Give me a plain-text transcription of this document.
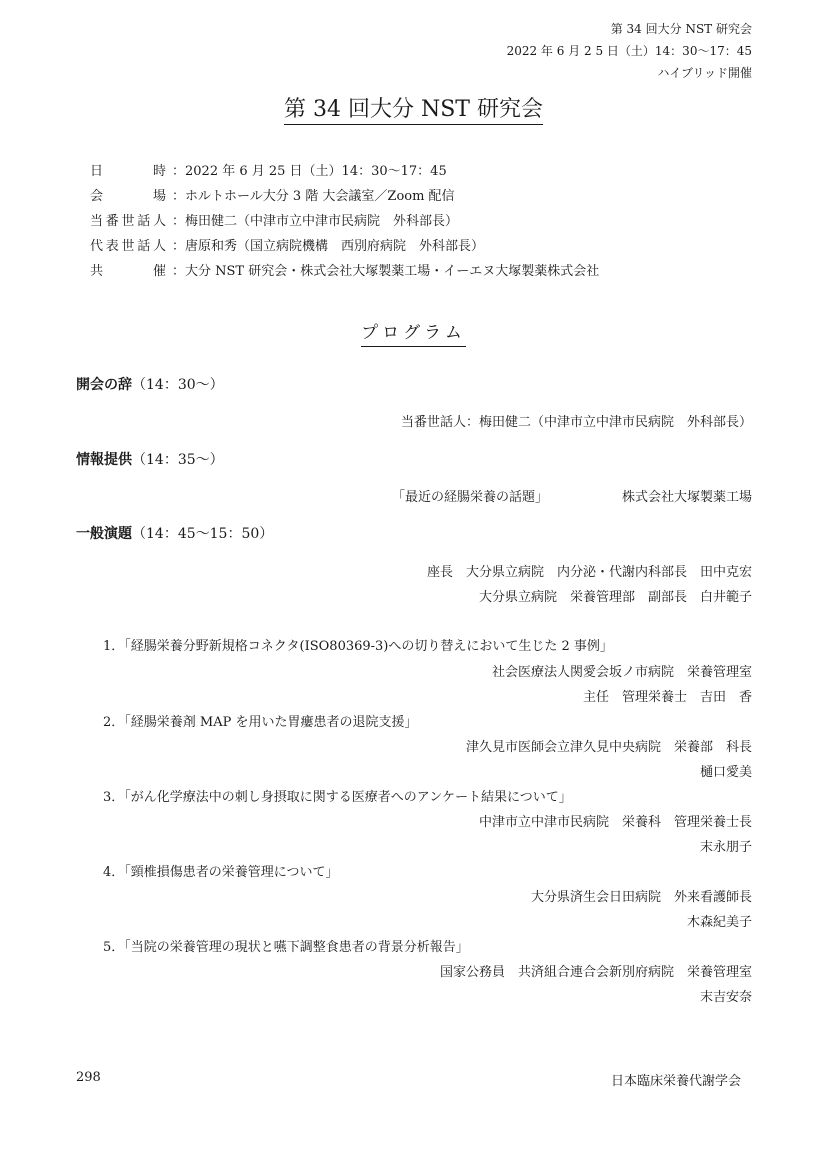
第 34 回大分 NST 研究会
2022 年 6 月 2 5 日（土）14：30〜17：45
ハイブリッド開催
第 34 回大分 NST 研究会
日時 ：2022 年 6 月 25 日（土）14：30〜17：45
会場 ：ホルトホール大分 3 階 大会議室／Zoom 配信
当番世話人 ：梅田健二（中津市立中津市民病院　外科部長）
代表世話人 ：唐原和秀（国立病院機構　西別府病院　外科部長）
共催 ：大分 NST 研究会・株式会社大塚製薬工場・イーエヌ大塚製薬株式会社
プログラム
開会の辞（14：30〜）
当番世話人：梅田健二（中津市立中津市民病院　外科部長）
情報提供（14：35〜）
「最近の経腸栄養の話題」	株式会社大塚製薬工場
一般演題（14：45〜15：50）
座長　大分県立病院　内分泌・代謝内科部長　田中克宏
大分県立病院　栄養管理部　副部長　白井範子
1．「経腸栄養分野新規格コネクタ(ISO80369-3)への切り替えにおいて生じた 2 事例」
社会医療法人関愛会坂ノ市病院　栄養管理室
主任　管理栄養士　吉田　香
2．「経腸栄養剤 MAP を用いた胃瘻患者の退院支援」
津久見市医師会立津久見中央病院　栄養部　科長
樋口愛美
3．「がん化学療法中の刺し身摂取に関する医療者へのアンケート結果について」
中津市立中津市民病院　栄養科　管理栄養士長
末永朋子
4．「頸椎損傷患者の栄養管理について」
大分県済生会日田病院　外来看護師長
木森紀美子
5．「当院の栄養管理の現状と嚥下調整食患者の背景分析報告」
国家公務員　共済組合連合会新別府病院　栄養管理室
末吉安奈
298	日本臨床栄養代謝学会
